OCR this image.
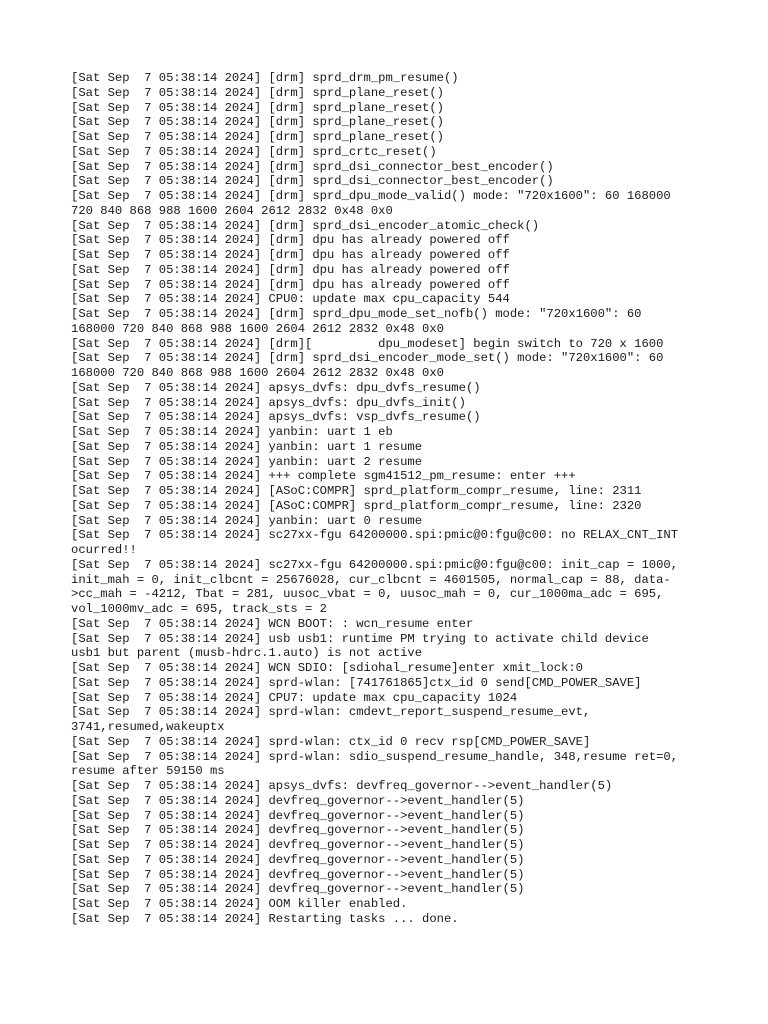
[Sat Sep  7 05:38:14 2024] [drm] sprd_drm_pm_resume()
[Sat Sep  7 05:38:14 2024] [drm] sprd_plane_reset()
[Sat Sep  7 05:38:14 2024] [drm] sprd_plane_reset()
[Sat Sep  7 05:38:14 2024] [drm] sprd_plane_reset()
[Sat Sep  7 05:38:14 2024] [drm] sprd_plane_reset()
[Sat Sep  7 05:38:14 2024] [drm] sprd_crtc_reset()
[Sat Sep  7 05:38:14 2024] [drm] sprd_dsi_connector_best_encoder()
[Sat Sep  7 05:38:14 2024] [drm] sprd_dsi_connector_best_encoder()
[Sat Sep  7 05:38:14 2024] [drm] sprd_dpu_mode_valid() mode: "720x1600": 60 168000
720 840 868 988 1600 2604 2612 2832 0x48 0x0
[Sat Sep  7 05:38:14 2024] [drm] sprd_dsi_encoder_atomic_check()
[Sat Sep  7 05:38:14 2024] [drm] dpu has already powered off
[Sat Sep  7 05:38:14 2024] [drm] dpu has already powered off
[Sat Sep  7 05:38:14 2024] [drm] dpu has already powered off
[Sat Sep  7 05:38:14 2024] [drm] dpu has already powered off
[Sat Sep  7 05:38:14 2024] CPU0: update max cpu_capacity 544
[Sat Sep  7 05:38:14 2024] [drm] sprd_dpu_mode_set_nofb() mode: "720x1600": 60
168000 720 840 868 988 1600 2604 2612 2832 0x48 0x0
[Sat Sep  7 05:38:14 2024] [drm][         dpu_modeset] begin switch to 720 x 1600
[Sat Sep  7 05:38:14 2024] [drm] sprd_dsi_encoder_mode_set() mode: "720x1600": 60
168000 720 840 868 988 1600 2604 2612 2832 0x48 0x0
[Sat Sep  7 05:38:14 2024] apsys_dvfs: dpu_dvfs_resume()
[Sat Sep  7 05:38:14 2024] apsys_dvfs: dpu_dvfs_init()
[Sat Sep  7 05:38:14 2024] apsys_dvfs: vsp_dvfs_resume()
[Sat Sep  7 05:38:14 2024] yanbin: uart 1 eb
[Sat Sep  7 05:38:14 2024] yanbin: uart 1 resume
[Sat Sep  7 05:38:14 2024] yanbin: uart 2 resume
[Sat Sep  7 05:38:14 2024] +++ complete sgm41512_pm_resume: enter +++
[Sat Sep  7 05:38:14 2024] [ASoC:COMPR] sprd_platform_compr_resume, line: 2311
[Sat Sep  7 05:38:14 2024] [ASoC:COMPR] sprd_platform_compr_resume, line: 2320
[Sat Sep  7 05:38:14 2024] yanbin: uart 0 resume
[Sat Sep  7 05:38:14 2024] sc27xx-fgu 64200000.spi:pmic@0:fgu@c00: no RELAX_CNT_INT
ocurred!!
[Sat Sep  7 05:38:14 2024] sc27xx-fgu 64200000.spi:pmic@0:fgu@c00: init_cap = 1000,
init_mah = 0, init_clbcnt = 25676028, cur_clbcnt = 4601505, normal_cap = 88, data-
>cc_mah = -4212, Tbat = 281, uusoc_vbat = 0, uusoc_mah = 0, cur_1000ma_adc = 695,
vol_1000mv_adc = 695, track_sts = 2
[Sat Sep  7 05:38:14 2024] WCN BOOT: : wcn_resume enter
[Sat Sep  7 05:38:14 2024] usb usb1: runtime PM trying to activate child device
usb1 but parent (musb-hdrc.1.auto) is not active
[Sat Sep  7 05:38:14 2024] WCN SDIO: [sdiohal_resume]enter xmit_lock:0
[Sat Sep  7 05:38:14 2024] sprd-wlan: [741761865]ctx_id 0 send[CMD_POWER_SAVE]
[Sat Sep  7 05:38:14 2024] CPU7: update max cpu_capacity 1024
[Sat Sep  7 05:38:14 2024] sprd-wlan: cmdevt_report_suspend_resume_evt,
3741,resumed,wakeuptx
[Sat Sep  7 05:38:14 2024] sprd-wlan: ctx_id 0 recv rsp[CMD_POWER_SAVE]
[Sat Sep  7 05:38:14 2024] sprd-wlan: sdio_suspend_resume_handle, 348,resume ret=0,
resume after 59150 ms
[Sat Sep  7 05:38:14 2024] apsys_dvfs: devfreq_governor-->event_handler(5)
[Sat Sep  7 05:38:14 2024] devfreq_governor-->event_handler(5)
[Sat Sep  7 05:38:14 2024] devfreq_governor-->event_handler(5)
[Sat Sep  7 05:38:14 2024] devfreq_governor-->event_handler(5)
[Sat Sep  7 05:38:14 2024] devfreq_governor-->event_handler(5)
[Sat Sep  7 05:38:14 2024] devfreq_governor-->event_handler(5)
[Sat Sep  7 05:38:14 2024] devfreq_governor-->event_handler(5)
[Sat Sep  7 05:38:14 2024] devfreq_governor-->event_handler(5)
[Sat Sep  7 05:38:14 2024] OOM killer enabled.
[Sat Sep  7 05:38:14 2024] Restarting tasks ... done.
